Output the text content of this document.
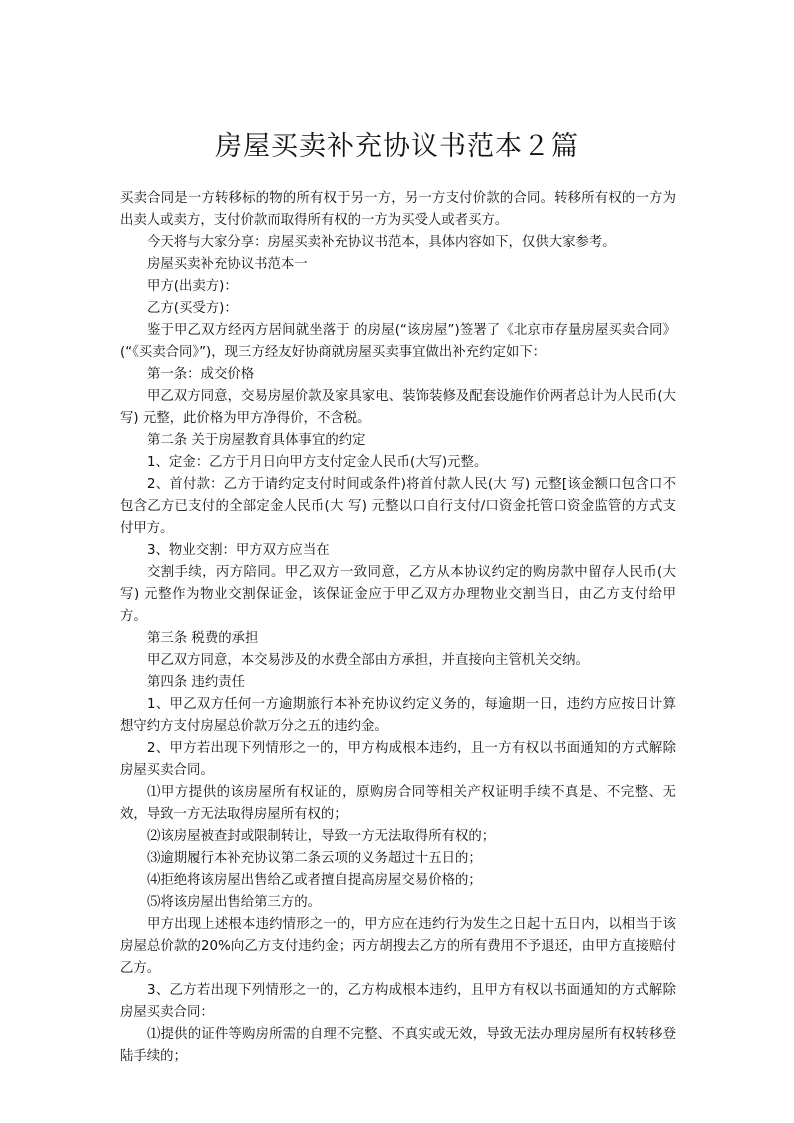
房屋买卖补充协议书范本２篇

买卖合同是一方转移标的物的所有权于另一方，另一方支付价款的合同。转移所有权的一方为出卖人或卖方，支付价款而取得所有权的一方为买受人或者买方。

今天将与大家分享：房屋买卖补充协议书范本，具体内容如下，仅供大家参考。

房屋买卖补充协议书范本一

甲方(出卖方)：

乙方(买受方)：

鉴于甲乙双方经丙方居间就坐落于 的房屋(“该房屋”)签署了《北京市存量房屋买卖合同》(“《买卖合同》”)，现三方经友好协商就房屋买卖事宜做出补充约定如下：

第一条：成交价格

甲乙双方同意，交易房屋价款及家具家电、装饰装修及配套设施作价两者总计为人民币(大写) 元整，此价格为甲方净得价，不含税。

第二条 关于房屋教育具体事宜的约定

1、定金：乙方于月日向甲方支付定金人民币(大写)元整。

2、首付款：乙方于请约定支付时间或条件)将首付款人民(大 写) 元整[该金额口包含口不包含乙方已支付的全部定金人民币(大 写) 元整以口自行支付/口资金托管口资金监管的方式支付甲方。

3、物业交割：甲方双方应当在

交割手续，丙方陪同。甲乙双方一致同意，乙方从本协议约定的购房款中留存人民币(大写) 元整作为物业交割保证金，该保证金应于甲乙双方办理物业交割当日，由乙方支付给甲方。

第三条 税费的承担

甲乙双方同意，本交易涉及的水费全部由方承担，并直接向主管机关交纳。

第四条 违约责任

1、甲乙双方任何一方逾期旅行本补充协议约定义务的，每逾期一日，违约方应按日计算想守约方支付房屋总价款万分之五的违约金。

2、甲方若出现下列情形之一的，甲方构成根本违约，且一方有权以书面通知的方式解除房屋买卖合同。

⑴甲方提供的该房屋所有权证的，原购房合同等相关产权证明手续不真是、不完整、无效，导致一方无法取得房屋所有权的；

⑵该房屋被查封或限制转让，导致一方无法取得所有权的；

⑶逾期履行本补充协议第二条云项的义务超过十五日的；

⑷拒绝将该房屋出售给乙或者擅自提高房屋交易价格的；

⑸将该房屋出售给第三方的。

甲方出现上述根本违约情形之一的，甲方应在违约行为发生之日起十五日内，以相当于该房屋总价款的20%向乙方支付违约金；丙方胡搜去乙方的所有费用不予退还，由甲方直接赔付乙方。

3、乙方若出现下列情形之一的，乙方构成根本违约，且甲方有权以书面通知的方式解除房屋买卖合同：

⑴提供的证件等购房所需的自理不完整、不真实或无效，导致无法办理房屋所有权转移登陆手续的；
